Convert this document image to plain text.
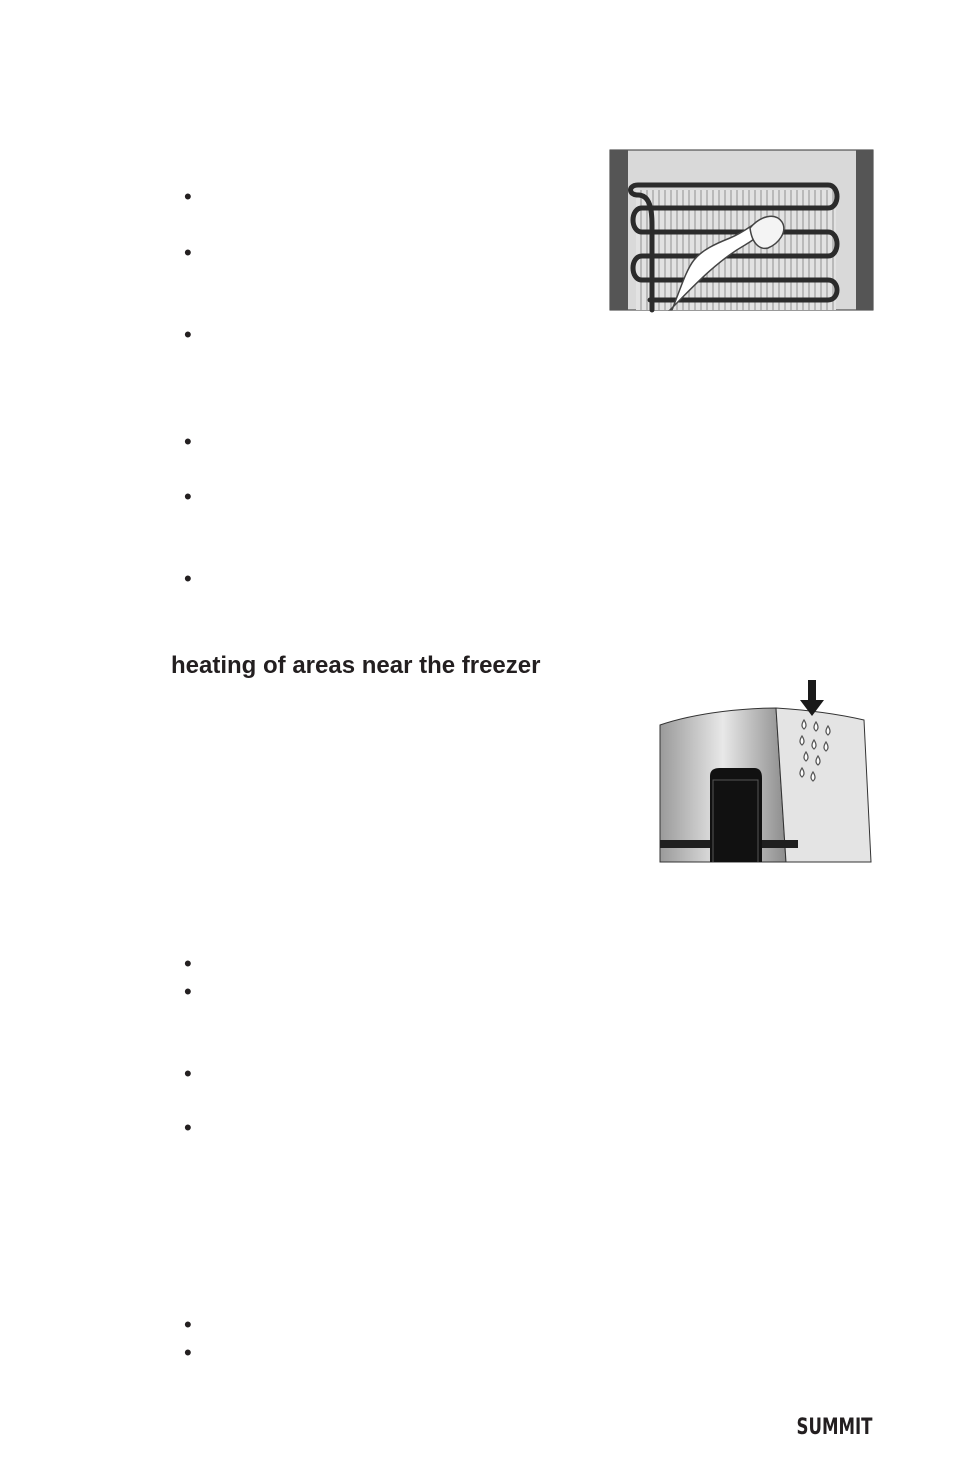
•
•
•
•
•
•
heating of areas near the freezer
•
•
•
•
•
•
SUMMIT
